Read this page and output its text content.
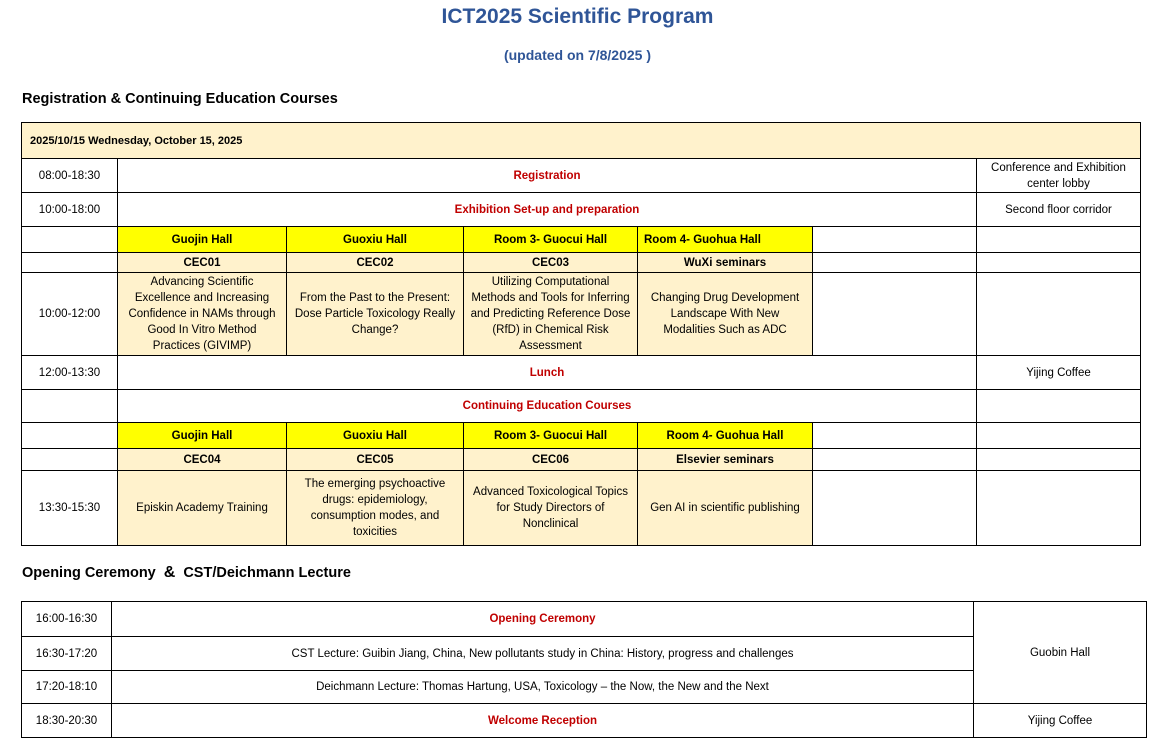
ICT2025 Scientific Program
(updated on 7/8/2025 )
Registration & Continuing Education Courses
2025/10/15 Wednesday, October 15, 2025						
08:00-18:30	Registration					Conference and Exhibition center lobby
10:00-18:00	Exhibition Set-up and preparation					Second floor corridor
	Guojin Hall	Guoxiu Hall	Room 3- Guocui Hall	Room 4- Guohua Hall		
	CEC01	CEC02	CEC03	WuXi seminars		
10:00-12:00	Advancing Scientific Excellence and Increasing Confidence in NAMs through Good In Vitro Method Practices (GIVIMP)	From the Past to the Present: Dose Particle Toxicology Really Change?	Utilizing Computational Methods and Tools for Inferring and Predicting Reference Dose (RfD) in Chemical Risk Assessment	Changing Drug Development Landscape With New Modalities Such as ADC		
12:00-13:30	Lunch					Yijing Coffee
	Continuing Education Courses					
	Guojin Hall	Guoxiu Hall	Room 3- Guocui Hall	Room 4- Guohua Hall		
	CEC04	CEC05	CEC06	Elsevier seminars		
13:30-15:30	Episkin Academy Training	The emerging psychoactive drugs: epidemiology, consumption modes, and toxicities	Advanced Toxicological Topics for Study Directors of Nonclinical	Gen AI in scientific publishing		
Opening Ceremony & CST/Deichmann Lecture
16:00-16:30	Opening Ceremony	Guobin Hall
16:30-17:20	CST Lecture: Guibin Jiang, China, New pollutants study in China: History, progress and challenges	
17:20-18:10	Deichmann Lecture: Thomas Hartung, USA, Toxicology – the Now, the New and the Next	
18:30-20:30	Welcome Reception	Yijing Coffee
